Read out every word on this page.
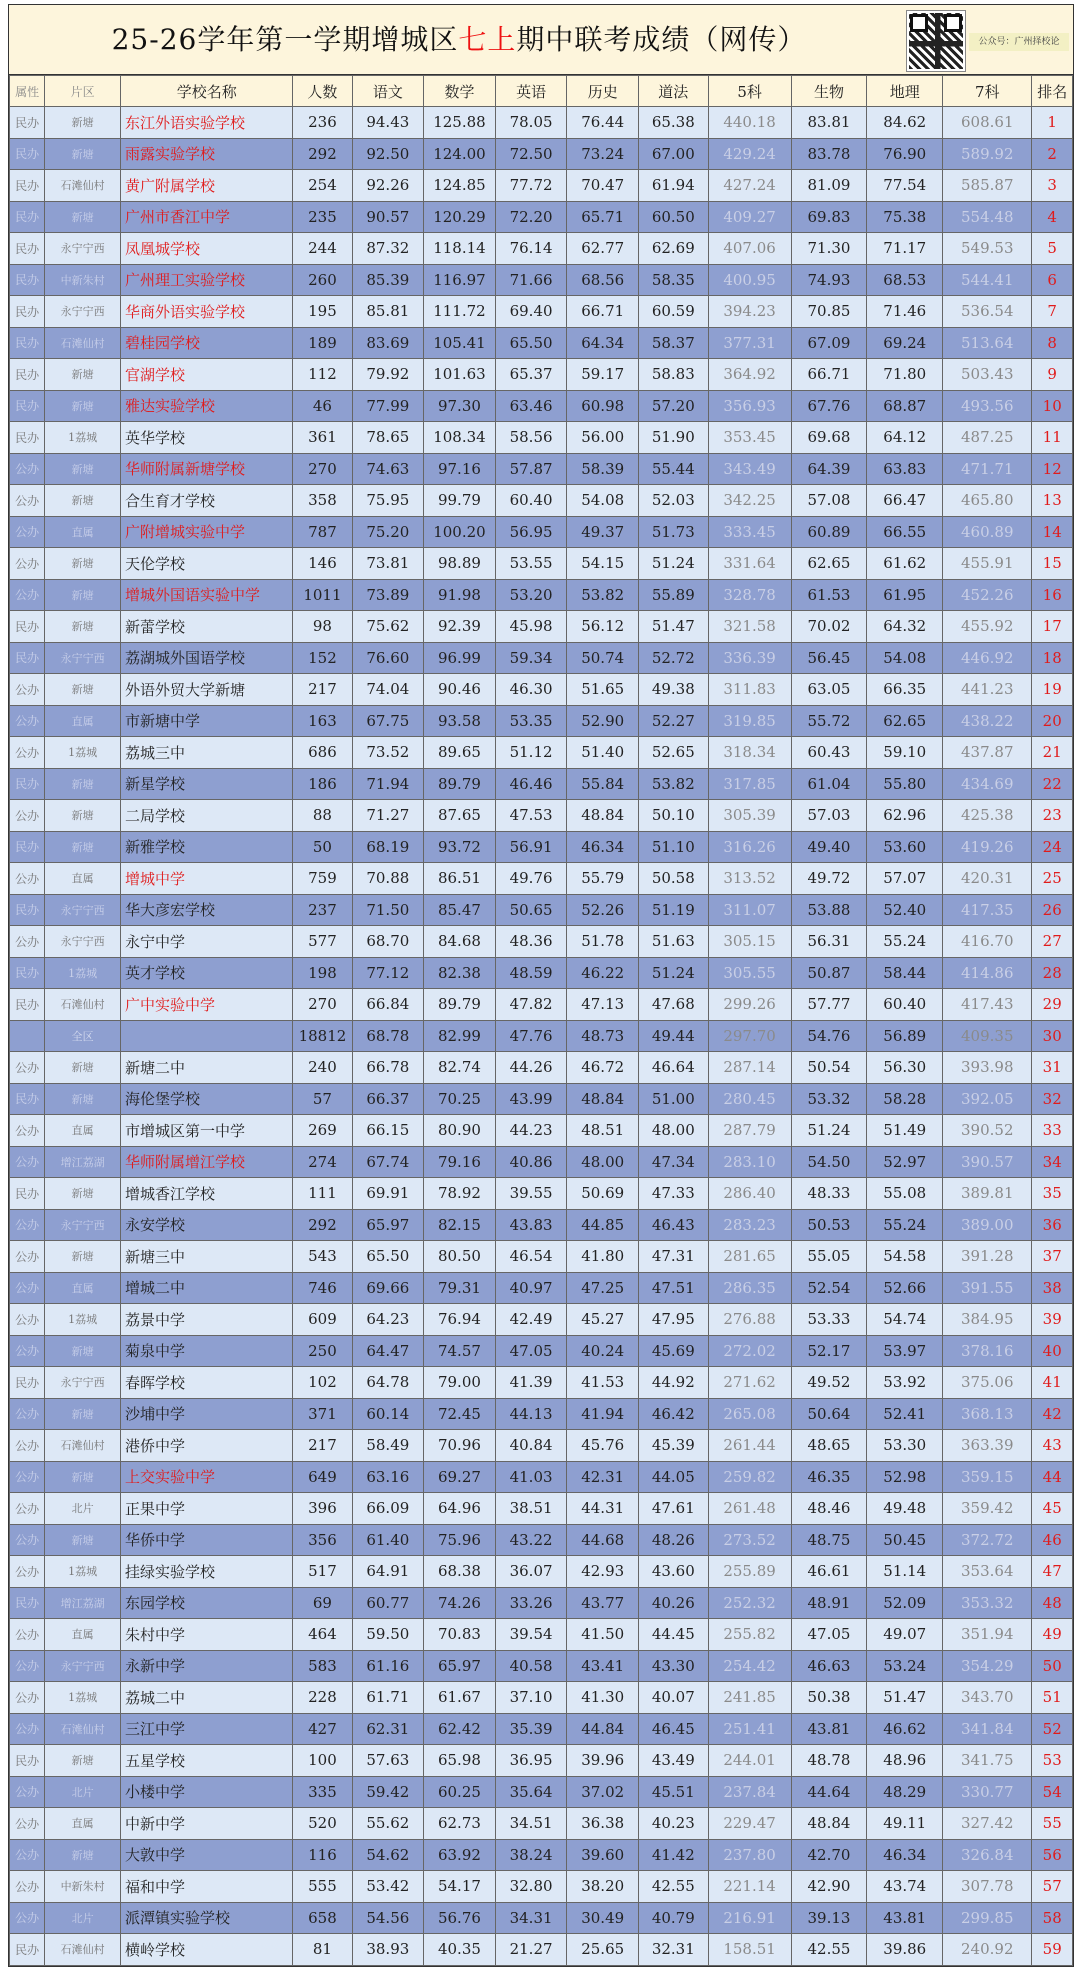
25-26学年第一学期增城区七上期中联考成绩（网传）	公众号：广州择校论
属性	片区	学校名称	人数	语文	数学	英语	历史	道法	5科	生物	地理	7科	排名
民办	新塘	东江外语实验学校	236	94.43	125.88	78.05	76.44	65.38	440.18	83.81	84.62	608.61	1
民办	新塘	雨露实验学校	292	92.50	124.00	72.50	73.24	67.00	429.24	83.78	76.90	589.92	2
民办	石滩仙村	黄广附属学校	254	92.26	124.85	77.72	70.47	61.94	427.24	81.09	77.54	585.87	3
民办	新塘	广州市香江中学	235	90.57	120.29	72.20	65.71	60.50	409.27	69.83	75.38	554.48	4
民办	永宁宁西	凤凰城学校	244	87.32	118.14	76.14	62.77	62.69	407.06	71.30	71.17	549.53	5
民办	中新朱村	广州理工实验学校	260	85.39	116.97	71.66	68.56	58.35	400.95	74.93	68.53	544.41	6
民办	永宁宁西	华商外语实验学校	195	85.81	111.72	69.40	66.71	60.59	394.23	70.85	71.46	536.54	7
民办	石滩仙村	碧桂园学校	189	83.69	105.41	65.50	64.34	58.37	377.31	67.09	69.24	513.64	8
民办	新塘	官湖学校	112	79.92	101.63	65.37	59.17	58.83	364.92	66.71	71.80	503.43	9
民办	新塘	雅达实验学校	46	77.99	97.30	63.46	60.98	57.20	356.93	67.76	68.87	493.56	10
民办	1荔城	英华学校	361	78.65	108.34	58.56	56.00	51.90	353.45	69.68	64.12	487.25	11
公办	新塘	华师附属新塘学校	270	74.63	97.16	57.87	58.39	55.44	343.49	64.39	63.83	471.71	12
公办	新塘	合生育才学校	358	75.95	99.79	60.40	54.08	52.03	342.25	57.08	66.47	465.80	13
公办	直属	广附增城实验中学	787	75.20	100.20	56.95	49.37	51.73	333.45	60.89	66.55	460.89	14
公办	新塘	天伦学校	146	73.81	98.89	53.55	54.15	51.24	331.64	62.65	61.62	455.91	15
公办	新塘	增城外国语实验中学	1011	73.89	91.98	53.20	53.82	55.89	328.78	61.53	61.95	452.26	16
民办	新塘	新蕾学校	98	75.62	92.39	45.98	56.12	51.47	321.58	70.02	64.32	455.92	17
民办	永宁宁西	荔湖城外国语学校	152	76.60	96.99	59.34	50.74	52.72	336.39	56.45	54.08	446.92	18
公办	新塘	外语外贸大学新塘	217	74.04	90.46	46.30	51.65	49.38	311.83	63.05	66.35	441.23	19
公办	直属	市新塘中学	163	67.75	93.58	53.35	52.90	52.27	319.85	55.72	62.65	438.22	20
公办	1荔城	荔城三中	686	73.52	89.65	51.12	51.40	52.65	318.34	60.43	59.10	437.87	21
民办	新塘	新星学校	186	71.94	89.79	46.46	55.84	53.82	317.85	61.04	55.80	434.69	22
公办	新塘	二局学校	88	71.27	87.65	47.53	48.84	50.10	305.39	57.03	62.96	425.38	23
民办	新塘	新雅学校	50	68.19	93.72	56.91	46.34	51.10	316.26	49.40	53.60	419.26	24
公办	直属	增城中学	759	70.88	86.51	49.76	55.79	50.58	313.52	49.72	57.07	420.31	25
民办	永宁宁西	华大彦宏学校	237	71.50	85.47	50.65	52.26	51.19	311.07	53.88	52.40	417.35	26
公办	永宁宁西	永宁中学	577	68.70	84.68	48.36	51.78	51.63	305.15	56.31	55.24	416.70	27
民办	1荔城	英才学校	198	77.12	82.38	48.59	46.22	51.24	305.55	50.87	58.44	414.86	28
民办	石滩仙村	广中实验中学	270	66.84	89.79	47.82	47.13	47.68	299.26	57.77	60.40	417.43	29
	全区		18812	68.78	82.99	47.76	48.73	49.44	297.70	54.76	56.89	409.35	30
公办	新塘	新塘二中	240	66.78	82.74	44.26	46.72	46.64	287.14	50.54	56.30	393.98	31
民办	新塘	海伦堡学校	57	66.37	70.25	43.99	48.84	51.00	280.45	53.32	58.28	392.05	32
公办	直属	市增城区第一中学	269	66.15	80.90	44.23	48.51	48.00	287.79	51.24	51.49	390.52	33
公办	增江荔湖	华师附属增江学校	274	67.74	79.16	40.86	48.00	47.34	283.10	54.50	52.97	390.57	34
民办	新塘	增城香江学校	111	69.91	78.92	39.55	50.69	47.33	286.40	48.33	55.08	389.81	35
公办	永宁宁西	永安学校	292	65.97	82.15	43.83	44.85	46.43	283.23	50.53	55.24	389.00	36
公办	新塘	新塘三中	543	65.50	80.50	46.54	41.80	47.31	281.65	55.05	54.58	391.28	37
公办	直属	增城二中	746	69.66	79.31	40.97	47.25	47.51	286.35	52.54	52.66	391.55	38
公办	1荔城	荔景中学	609	64.23	76.94	42.49	45.27	47.95	276.88	53.33	54.74	384.95	39
公办	新塘	菊泉中学	250	64.47	74.57	47.05	40.24	45.69	272.02	52.17	53.97	378.16	40
民办	永宁宁西	春晖学校	102	64.78	79.00	41.39	41.53	44.92	271.62	49.52	53.92	375.06	41
公办	新塘	沙埔中学	371	60.14	72.45	44.13	41.94	46.42	265.08	50.64	52.41	368.13	42
公办	石滩仙村	港侨中学	217	58.49	70.96	40.84	45.76	45.39	261.44	48.65	53.30	363.39	43
公办	新塘	上交实验中学	649	63.16	69.27	41.03	42.31	44.05	259.82	46.35	52.98	359.15	44
公办	北片	正果中学	396	66.09	64.96	38.51	44.31	47.61	261.48	48.46	49.48	359.42	45
公办	新塘	华侨中学	356	61.40	75.96	43.22	44.68	48.26	273.52	48.75	50.45	372.72	46
公办	1荔城	挂绿实验学校	517	64.91	68.38	36.07	42.93	43.60	255.89	46.61	51.14	353.64	47
民办	增江荔湖	东园学校	69	60.77	74.26	33.26	43.77	40.26	252.32	48.91	52.09	353.32	48
公办	直属	朱村中学	464	59.50	70.83	39.54	41.50	44.45	255.82	47.05	49.07	351.94	49
公办	永宁宁西	永新中学	583	61.16	65.97	40.58	43.41	43.30	254.42	46.63	53.24	354.29	50
公办	1荔城	荔城二中	228	61.71	61.67	37.10	41.30	40.07	241.85	50.38	51.47	343.70	51
公办	石滩仙村	三江中学	427	62.31	62.42	35.39	44.84	46.45	251.41	43.81	46.62	341.84	52
民办	新塘	五星学校	100	57.63	65.98	36.95	39.96	43.49	244.01	48.78	48.96	341.75	53
公办	北片	小楼中学	335	59.42	60.25	35.64	37.02	45.51	237.84	44.64	48.29	330.77	54
公办	直属	中新中学	520	55.62	62.73	34.51	36.38	40.23	229.47	48.84	49.11	327.42	55
公办	新塘	大敦中学	116	54.62	63.92	38.24	39.60	41.42	237.80	42.70	46.34	326.84	56
公办	中新朱村	福和中学	555	53.42	54.17	32.80	38.20	42.55	221.14	42.90	43.74	307.78	57
公办	北片	派潭镇实验学校	658	54.56	56.76	34.31	30.49	40.79	216.91	39.13	43.81	299.85	58
民办	石滩仙村	横岭学校	81	38.93	40.35	21.27	25.65	32.31	158.51	42.55	39.86	240.92	59
